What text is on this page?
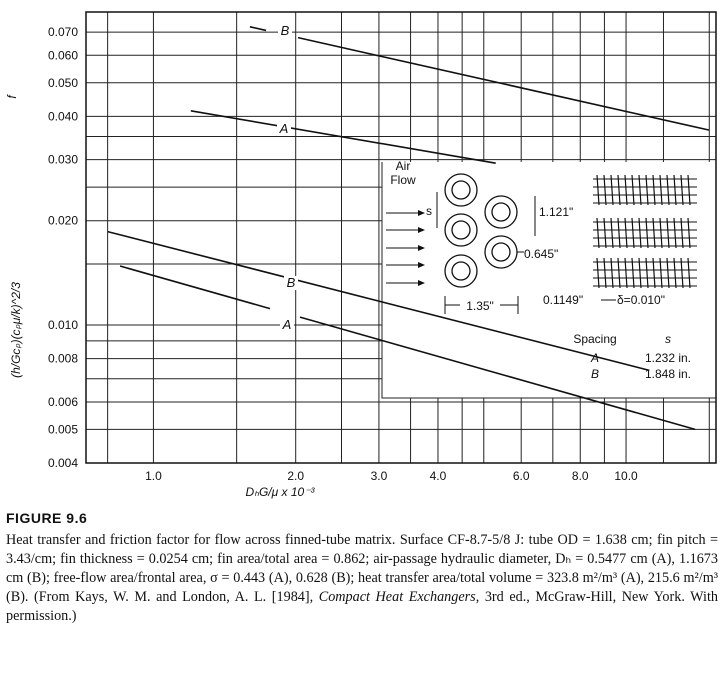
0.004
0.005
0.006
0.008
0.010
0.020
0.030
0.040
0.050
0.060
0.070
1.0	2.0	3.0	4.0	6.0	8.0 10.0
B
A
B
A
Air
Flow
s	1.121"
0.645"
1.35"	0.1149"	δ=0.010"
Spacing	s
A	1.232 in.
B	1.848 in.
DₕG/μ x 10⁻³
f
(h/Gcₚ)(cₚμ/k)^2/3
FIGURE 9.6

Heat transfer and friction factor for flow across finned-tube matrix. Surface CF-8.7-5/8 J: tube OD = 1.638 cm; fin pitch = 3.43/cm; fin thickness = 0.0254 cm; fin area/total area = 0.862; air-passage hydraulic diameter, Dₕ = 0.5477 cm (A), 1.1673 cm (B); free-flow area/frontal area, σ = 0.443 (A), 0.628 (B); heat transfer area/total volume = 323.8 m²/m³ (A), 215.6 m²/m³ (B). (From Kays, W. M. and London, A. L. [1984], Compact Heat Exchangers, 3rd ed., McGraw-Hill, New York. With permission.)
